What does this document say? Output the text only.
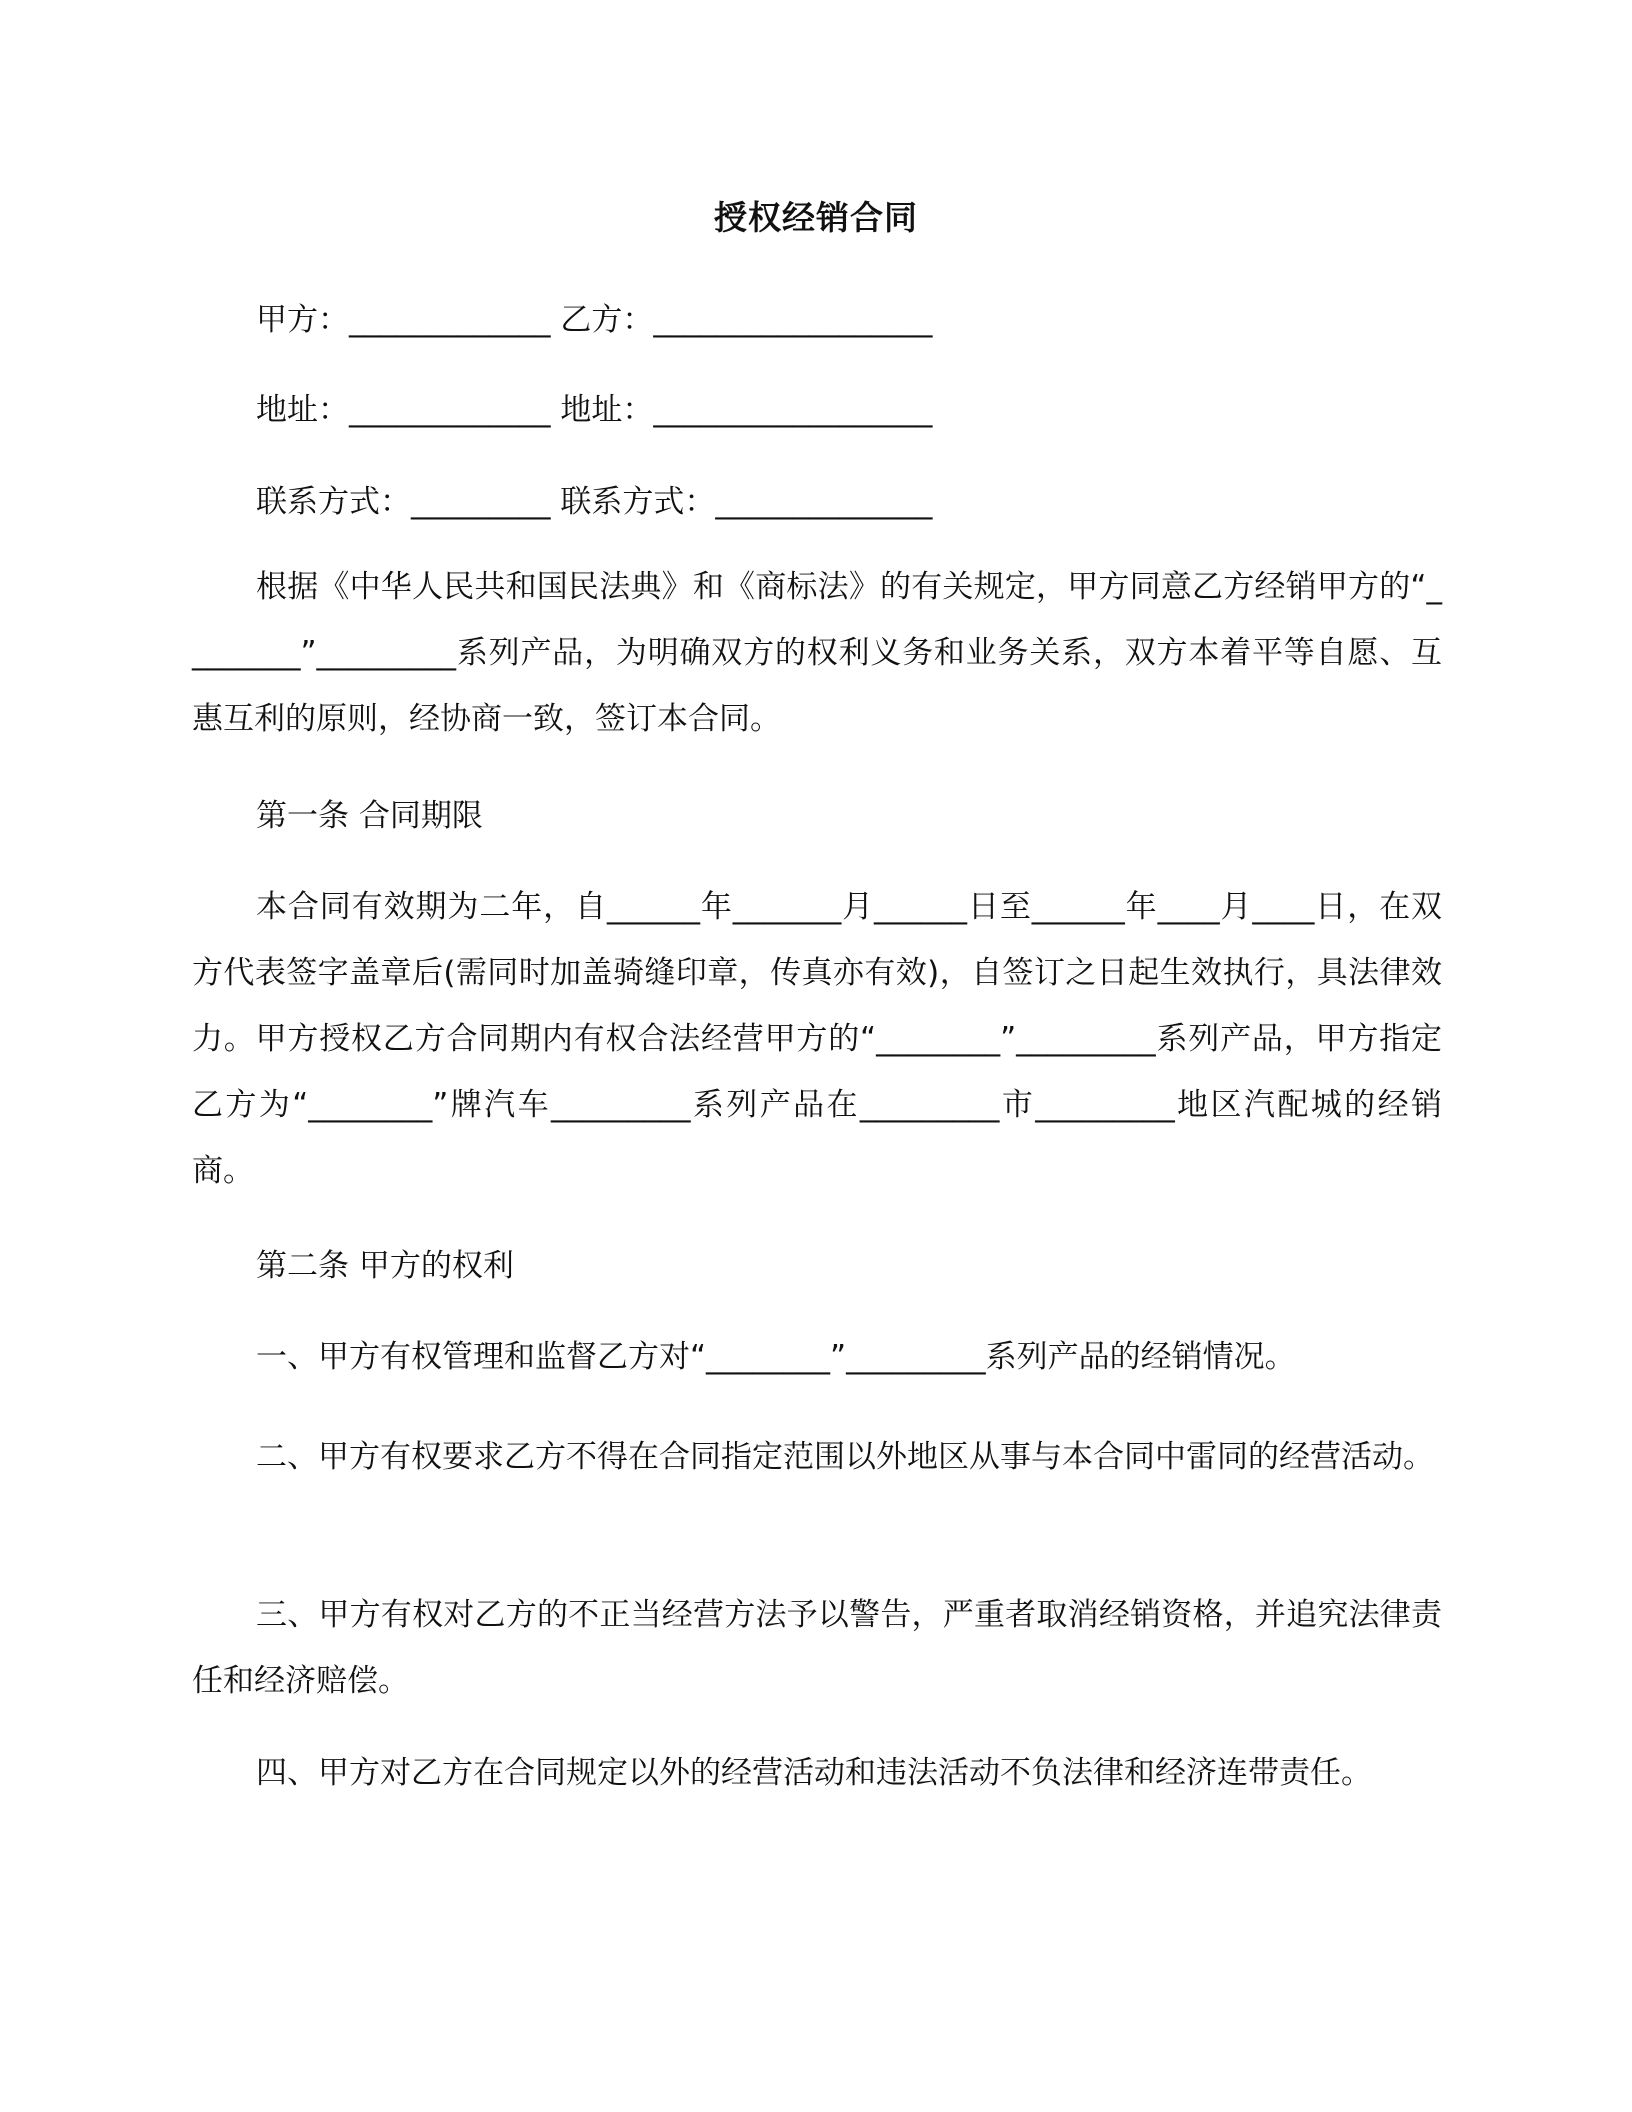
授权经销合同
甲方：_____________ 乙方：__________________
地址：_____________ 地址：__________________
联系方式：_________ 联系方式：______________
根据《中华人民共和国民法典》和《商标法》的有关规定，甲方同意乙方经销甲方的“________”_________系列产品，为明确双方的权利义务和业务关系，双方本着平等自愿、互惠互利的原则，经协商一致，签订本合同。
第一条 合同期限
本合同有效期为二年，自______年_______月______日至______年____月____日，在双方代表签字盖章后(需同时加盖骑缝印章，传真亦有效)，自签订之日起生效执行，具法律效力。甲方授权乙方合同期内有权合法经营甲方的“________”_________系列产品，甲方指定乙方为“________”牌汽车_________系列产品在_________市_________地区汽配城的经销商。
第二条 甲方的权利
一、甲方有权管理和监督乙方对“________”_________系列产品的经销情况。
二、甲方有权要求乙方不得在合同指定范围以外地区从事与本合同中雷同的经营活动。
三、甲方有权对乙方的不正当经营方法予以警告，严重者取消经销资格，并追究法律责任和经济赔偿。
四、甲方对乙方在合同规定以外的经营活动和违法活动不负法律和经济连带责任。
